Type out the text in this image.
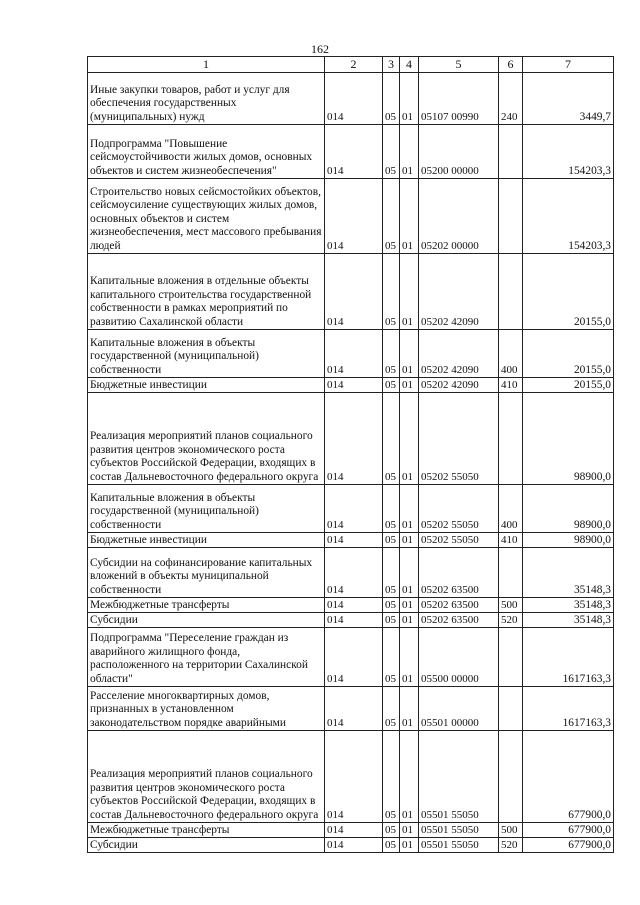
162
1	2	3	4	5	6	7
Иные закупки товаров, работ и услуг для обеспечения государственных (муниципальных) нужд	014	05	01	05107 00990	240	3449,7
Подпрограмма "Повышение сейсмоустойчивости жилых домов, основных объектов и систем жизнеобеспечения"	014	05	01	05200 00000		154203,3
Строительство новых сейсмостойких объектов, сейсмоусиление существующих жилых домов, основных объектов и систем жизнеобеспечения, мест массового пребывания людей	014	05	01	05202 00000		154203,3
Капитальные вложения в отдельные объекты капитального строительства государственной собственности в рамках мероприятий по развитию Сахалинской области	014	05	01	05202 42090		20155,0
Капитальные вложения в объекты государственной (муниципальной) собственности	014	05	01	05202 42090	400	20155,0
Бюджетные инвестиции	014	05	01	05202 42090	410	20155,0
Реализация мероприятий планов социального развития центров экономического роста субъектов Российской Федерации, входящих в состав Дальневосточного федерального округа	014	05	01	05202 55050		98900,0
Капитальные вложения в объекты государственной (муниципальной) собственности	014	05	01	05202 55050	400	98900,0
Бюджетные инвестиции	014	05	01	05202 55050	410	98900,0
Субсидии на софинансирование капитальных вложений в объекты муниципальной собственности	014	05	01	05202 63500		35148,3
Межбюджетные трансферты	014	05	01	05202 63500	500	35148,3
Субсидии	014	05	01	05202 63500	520	35148,3
Подпрограмма "Переселение граждан из аварийного жилищного фонда, расположенного на территории Сахалинской области"	014	05	01	05500 00000		1617163,3
Расселение многоквартирных домов, признанных в установленном законодательством порядке аварийными	014	05	01	05501 00000		1617163,3
Реализация мероприятий планов социального развития центров экономического роста субъектов Российской Федерации, входящих в состав Дальневосточного федерального округа	014	05	01	05501 55050		677900,0
Межбюджетные трансферты	014	05	01	05501 55050	500	677900,0
Субсидии	014	05	01	05501 55050	520	677900,0
